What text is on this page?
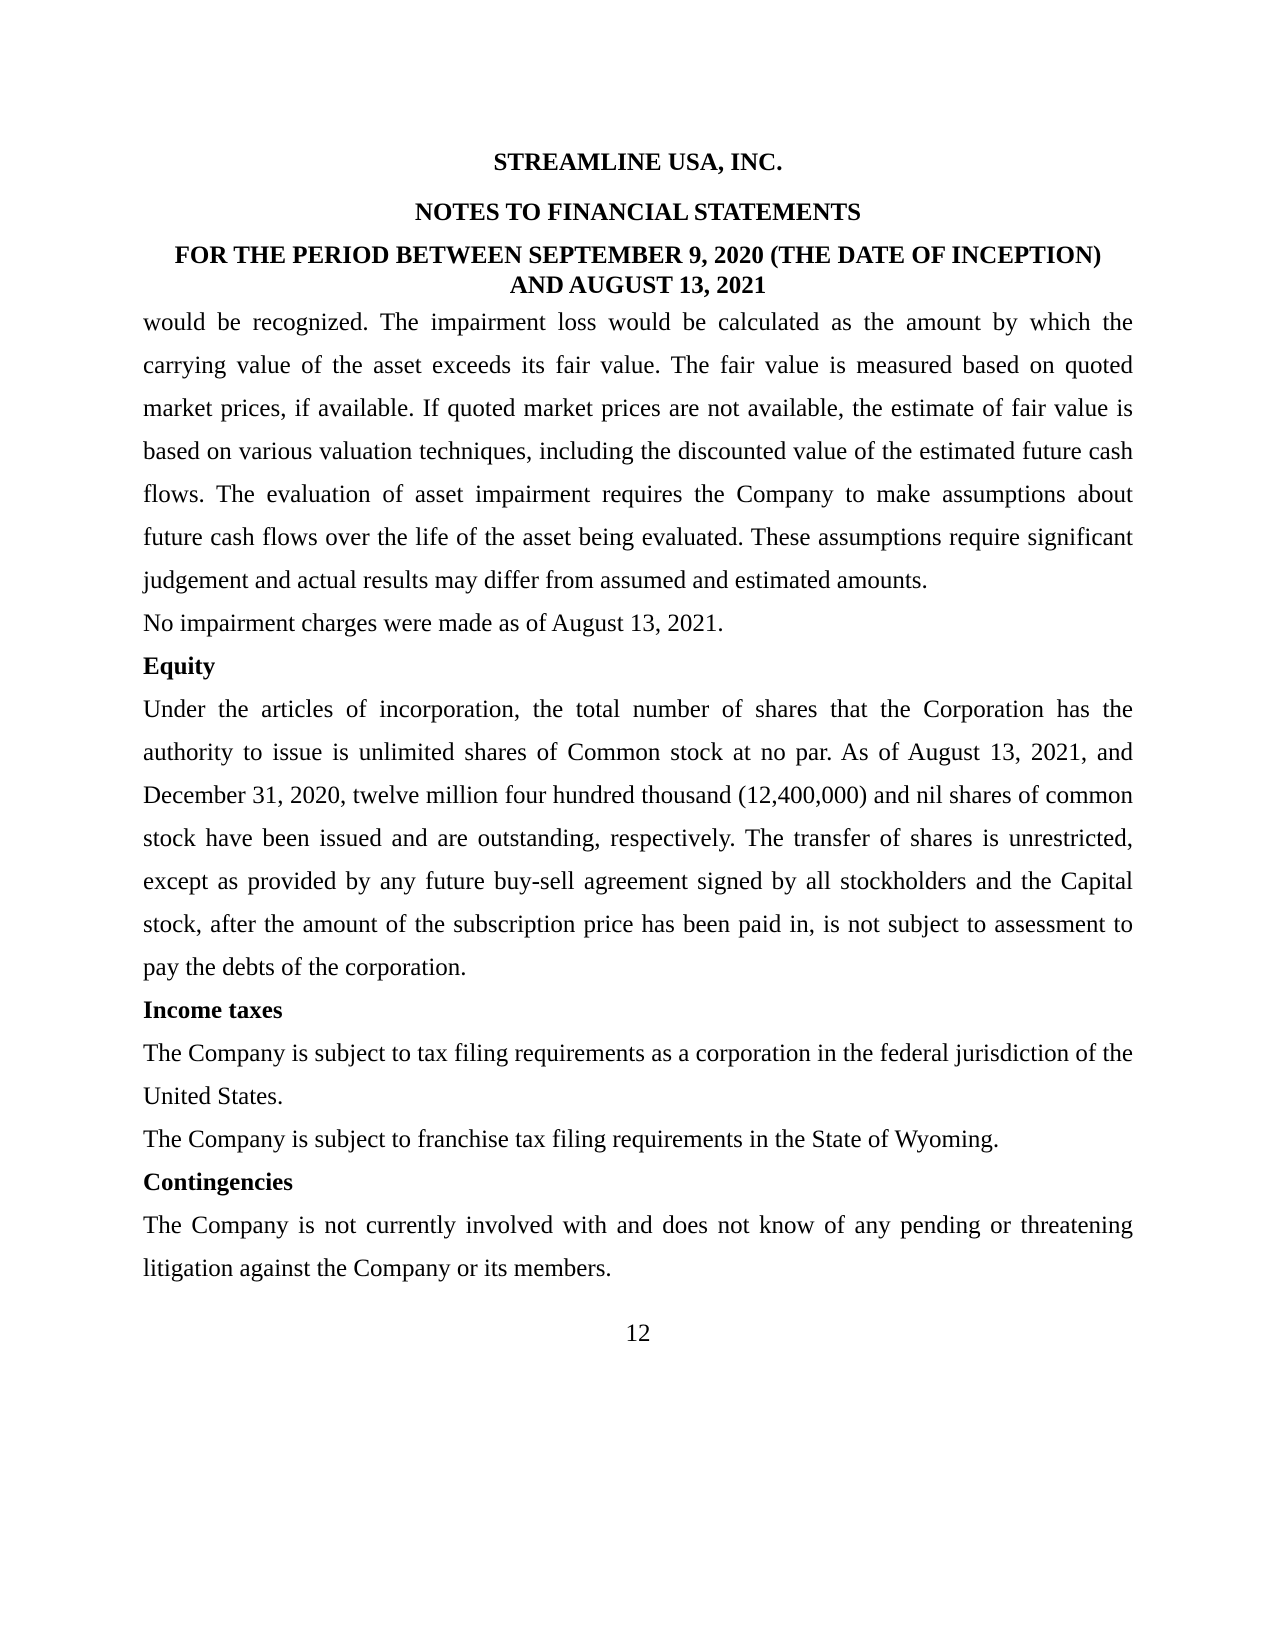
STREAMLINE USA, INC.
NOTES TO FINANCIAL STATEMENTS
FOR THE PERIOD BETWEEN SEPTEMBER 9, 2020 (THE DATE OF INCEPTION)
AND AUGUST 13, 2021

would be recognized. The impairment loss would be calculated as the amount by which the carrying value of the asset exceeds its fair value. The fair value is measured based on quoted market prices, if available. If quoted market prices are not available, the estimate of fair value is based on various valuation techniques, including the discounted value of the estimated future cash flows. The evaluation of asset impairment requires the Company to make assumptions about future cash flows over the life of the asset being evaluated. These assumptions require significant judgement and actual results may differ from assumed and estimated amounts.

No impairment charges were made as of August 13, 2021.

Equity

Under the articles of incorporation, the total number of shares that the Corporation has the authority to issue is unlimited shares of Common stock at no par. As of August 13, 2021, and December 31, 2020, twelve million four hundred thousand (12,400,000) and nil shares of common stock have been issued and are outstanding, respectively. The transfer of shares is unrestricted, except as provided by any future buy-sell agreement signed by all stockholders and the Capital stock, after the amount of the subscription price has been paid in, is not subject to assessment to pay the debts of the corporation.

Income taxes

The Company is subject to tax filing requirements as a corporation in the federal jurisdiction of the United States.

The Company is subject to franchise tax filing requirements in the State of Wyoming.

Contingencies

The Company is not currently involved with and does not know of any pending or threatening litigation against the Company or its members.

12
